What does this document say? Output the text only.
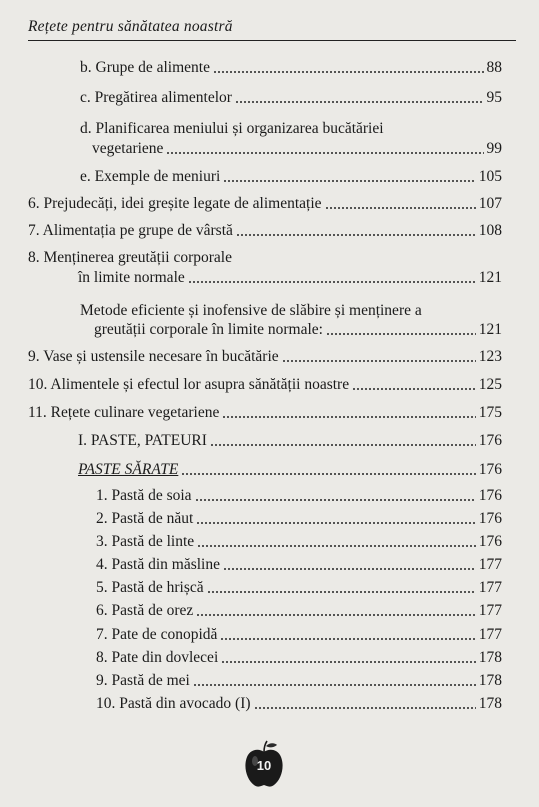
Rețete pentru sănătatea noastră
b. Grupe de alimente	88
c. Pregătirea alimentelor	95
d. Planificarea meniului și organizarea bucătăriei
vegetariene	99
e. Exemple de meniuri	105
6. Prejudecăți, idei greșite legate de alimentație	107
7. Alimentația pe grupe de vârstă	108
8. Menținerea greutății corporale
în limite normale	121
Metode eficiente și inofensive de slăbire și menținere a
greutății corporale în limite normale:	121
9. Vase și ustensile necesare în bucătărie	123
10. Alimentele și efectul lor asupra sănătății noastre	125
11. Rețete culinare vegetariene	175
I. PASTE, PATEURI	176
PASTE SĂRATE	176
1. Pastă de soia	176
2. Pastă de năut	176
3. Pastă de linte	176
4. Pastă din măsline	177
5. Pastă de hrișcă	177
6. Pastă de orez	177
7. Pate de conopidă	177
8. Pate din dovlecei	178
9. Pastă de mei	178
10. Pastă din avocado (I)	178
10
